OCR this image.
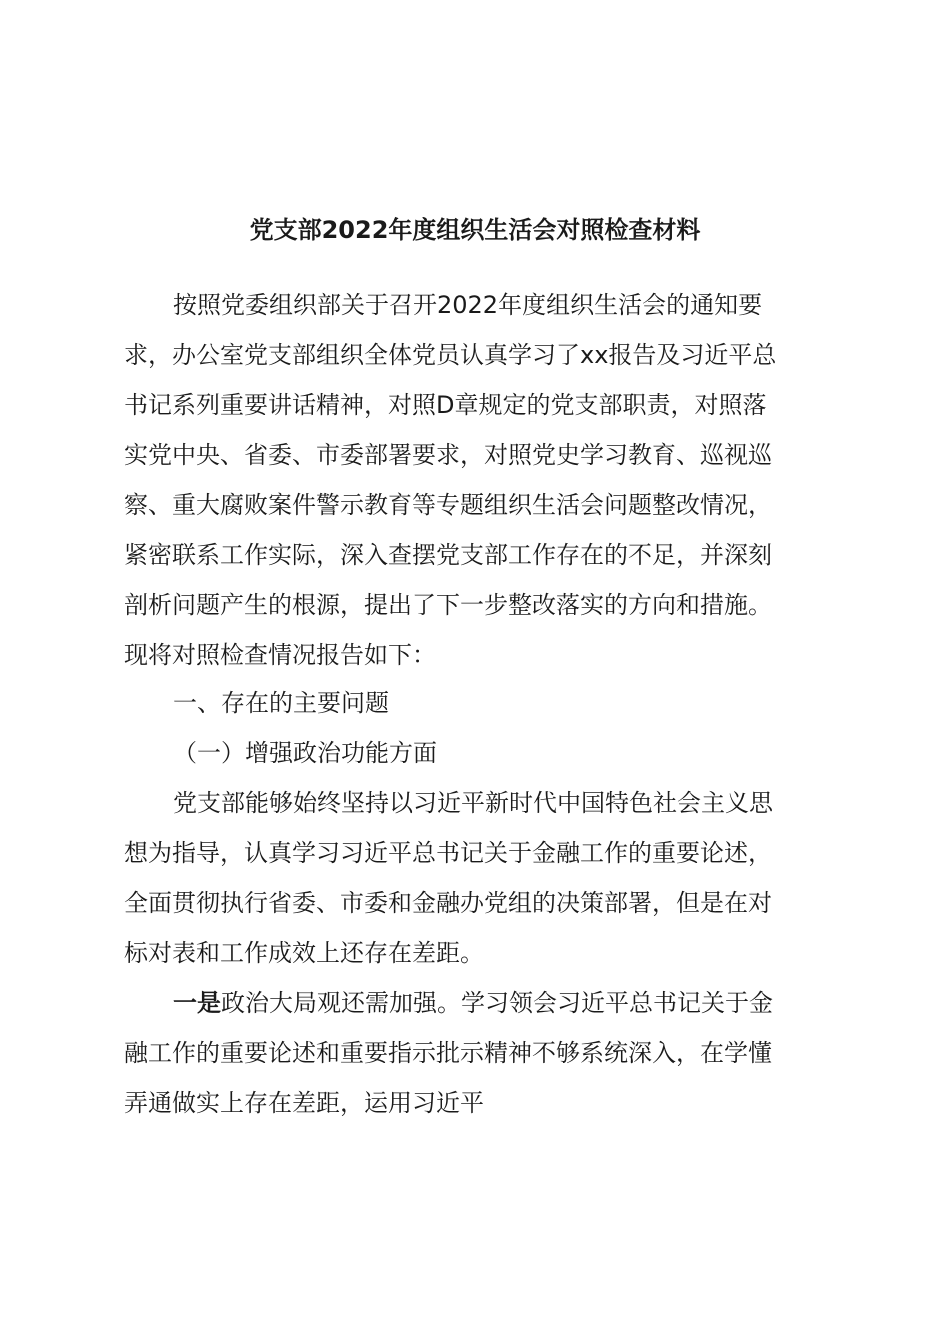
党支部2022年度组织生活会对照检查材料
按照党委组织部关于召开2022年度组织生活会的通知要
求，办公室党支部组织全体党员认真学习了xx报告及习近平总
书记系列重要讲话精神，对照D章规定的党支部职责，对照落
实党中央、省委、市委部署要求，对照党史学习教育、巡视巡
察、重大腐败案件警示教育等专题组织生活会问题整改情况，
紧密联系工作实际，深入查摆党支部工作存在的不足，并深刻
剖析问题产生的根源，提出了下一步整改落实的方向和措施。
现将对照检查情况报告如下：
一、存在的主要问题
（一）增强政治功能方面
党支部能够始终坚持以习近平新时代中国特色社会主义思
想为指导，认真学习习近平总书记关于金融工作的重要论述，
全面贯彻执行省委、市委和金融办党组的决策部署，但是在对
标对表和工作成效上还存在差距。
一是政治大局观还需加强。学习领会习近平总书记关于金
融工作的重要论述和重要指示批示精神不够系统深入，在学懂
弄通做实上存在差距，运用习近平
